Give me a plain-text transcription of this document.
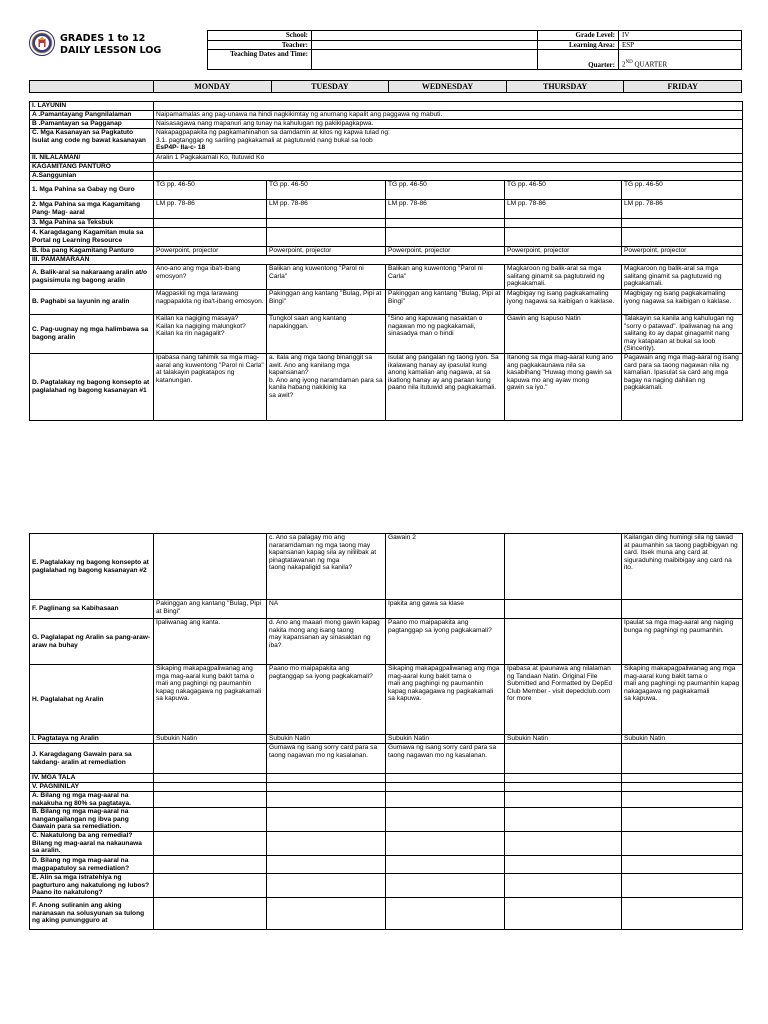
GRADES 1 to 12
DAILY LESSON LOG
School:		Grade Level:	IV
Teacher:		Learning Area:	ESP
Teaching Dates and Time:		Quarter:	2ND QUARTER
	MONDAY	TUESDAY	WEDNESDAY	THURSDAY	FRIDAY
I. LAYUNIN					
A .Pamantayang Pangnilalaman	Naipamamalas ang pag-unawa na hindi nagkikimtay ng anumang kapalit ang paggawa ng mabuti.				
B .Pamantayan sa Pagganap	Naisasagawa nang mapanuri ang tunay na kahulugan ng pakikipagkapwa.				
C. Mga Kasanayan sa Pagkatuto
Isulat ang code ng bawat kasanayan	Nakapagpapakita ng pagkamahinahon sa damdamin at kilos ng kapwa tulad ng:
3.1. pagtanggap ng sariling pagkakamali at pagtutuwid nang bukal sa loob
EsP4P- IIa-c- 18				

II. NILALAMAN/	Aralin 1 Pagkakamali Ko, Itutuwid Ko				
KAGAMITANG PANTURO					
A.Sanggunian					
1. Mga Pahina sa Gabay ng Guro	TG pp. 46-50	TG pp. 46-50	TG pp. 46-50	TG pp. 46-50	TG pp. 46-50
2. Mga Pahina sa mga Kagamitang Pang- Mag- aaral	LM pp. 78-86	LM pp. 78-86	LM pp. 78-86	LM pp. 78-86	LM pp. 78-86
3. Mga Pahina sa Teksbuk					
4. Karagdagang Kagamitan mula sa Portal ng Learning Resource					
B. Iba pang Kagamitang Panturo	Powerpoint, projector	Powerpoint, projector	Powerpoint, projector	Powerpoint, projector	Powerpoint, projector
III. PAMAMARAAN					
A. Balik-aral sa nakaraang aralin at/o pagsisimula ng bagong aralin	Ano-ano ang mga iba't-ibang emosyon?	Balikan ang kuwentong "Parol ni Carla"	Balikan ang kuwentong "Parol ni Carla"	Magkaroon ng balik-aral sa mga salitang ginamit sa pagtutuwid ng pagkakamali.	Magkaroon ng balik-aral sa mga salitang ginamit sa pagtutuwid ng pagkakamali.
B. Paghabi sa layunin ng aralin	Magpaskil ng mga larawang nagpapakita ng iba't-ibang emosyon.	Pakinggan ang kantang "Bulag, Pipi at Bingi"	Pakinggan ang kantang "Bulag, Pipi at Bingi"	Magbigay ng isang pagkakamaling iyong nagawa sa kaibigan o kaklase.	Magbigay ng isang pagkakamaling iyong nagawa sa kaibigan o kaklase.
C. Pag-uugnay ng mga halimbawa sa bagong aralin	Kailan ka nagiging masaya?
Kailan ka nagiging malungkot?
Kailan ka rin nagagalit?	Tungkol saan ang kantang napakinggan.	"Sino ang kapuwang nasaktan o nagawan mo ng pagkakamali, sinasadya man o hindi	Gawin ang Isapuso Natin	Talakayin sa kanila ang kahulugan ng "sorry o patawad". Ipaliwanag na ang salitang ito ay dapat ginagamit nang may katapatan at bukal sa loob (Sincerity).
D. Pagtalakay ng bagong konsepto at paglalahad ng bagong kasanayan #1	Ipabasa nang tahimik sa mga mag-aaral ang kuwentong "Parol ni Carla" at talakayin pagkatapos ng katanungan.	a. Itala ang mga taong binanggit sa awit. Ano ang kanilang mga kapansanan?
b. Ano ang iyong naramdaman para sa kanila habang nakikinig ka
sa awit?	Isulat ang pangalan ng taong iyon. Sa ikalawang hanay ay ipasulat kung anong kamalian ang nagawa, at sa ikatlong hanay ay ang paraan kung paano nila itutuwid ang pagkakamali.	Itanong sa mga mag-aaral kung ano ang pagkakaunawa nila sa kasabihang "Huwag mong gawin sa kapuwa mo ang ayaw mong
gawin sa iyo."	Pagawain ang mga mag-aaral ng isang card para sa taong nagawan nila ng kamalian. Ipasulat sa card ang mga bagay na naging dahilan ng pagkakamali.
E. Pagtalakay ng bagong konsepto at paglalahad ng bagong kasanayan #2		c. Ano sa palagay mo ang nararamdaman ng mga taong may
kapansanan kapag sila ay nililibak at pinagtatawanan ng mga
taong nakapaligid sa kanila?	Gawain 2		Kailangan ding humingi sila ng tawad at paumanhin sa taong pagbibigyan ng card. Itsek muna ang card at siguraduhing maibibigay ang card na ito.
F. Paglinang sa Kabihasaan	Pakinggan ang kantang "Bulag, Pipi at Bingi"	NA	Ipakita ang gawa sa klase		
G. Paglalapat ng Aralin sa pang-araw-araw na buhay	Ipaliwanag ang kanta.	d. Ano ang maaari mong gawin kapag nakita mong ang isang taong
may kapansanan ay sinasaktan ng iba?	Paano mo maipapakita ang pagtanggap sa iyong pagkakamali?		Ipaulat sa mga mag-aaral ang naging bunga ng paghingi ng paumanhin.
H. Paglalahat ng Aralin	Sikaping makapagpaliwanag ang mga mag-aaral kung bakit tama o
mali ang paghingi ng paumanhin kapag nakagagawa ng pagkakamali
sa kapuwa.	Paano mo maipapakita ang pagtanggap sa iyong pagkakamali?	Sikaping makapagpaliwanag ang mga mag-aaral kung bakit tama o
mali ang paghingi ng paumanhin kapag nakagagawa ng pagkakamali
sa kapuwa.	Ipabasa at ipaunawa ang nilalaman ng Tandaan Natin. Original File Submitted and Formatted by DepEd Club Member - visit depedclub.com for more	Sikaping makapagpaliwanag ang mga mag-aaral kung bakit tama o
mali ang paghingi ng paumanhin kapag nakagagawa ng pagkakamali
sa kapuwa.
I. Pagtataya ng Aralin	Subukin Natin	Subukin Natin	Subukin Natin	Subukin Natin	Subukin Natin
J. Karagdagang Gawain para sa takdang- aralin at remediation		Gumawa ng isang sorry card para sa taong nagawan mo ng kasalanan.	Gumawa ng isang sorry card para sa taong nagawan mo ng kasalanan.		
IV. MGA TALA					
V. PAGNINILAY					
A. Bilang ng mga mag-aaral na nakakuha ng 80% sa pagtataya.					
B. Bilang ng mga mag-aaral na nangangailangan ng ibva pang Gawain para sa remediation.					
C. Nakatulong ba ang remedial? Bilang ng mag-aaral na nakaunawa sa aralin.					
D. Bilang ng mga mag-aaral na magpapatuloy sa remediation?					
E. Alin sa mga istratehiya ng pagturturo ang nakatulong ng lubos? Paano ito nakatulong?					
F. Anong suliranin ang aking naranasan na solusyunan sa tulong ng aking punungguro at					
